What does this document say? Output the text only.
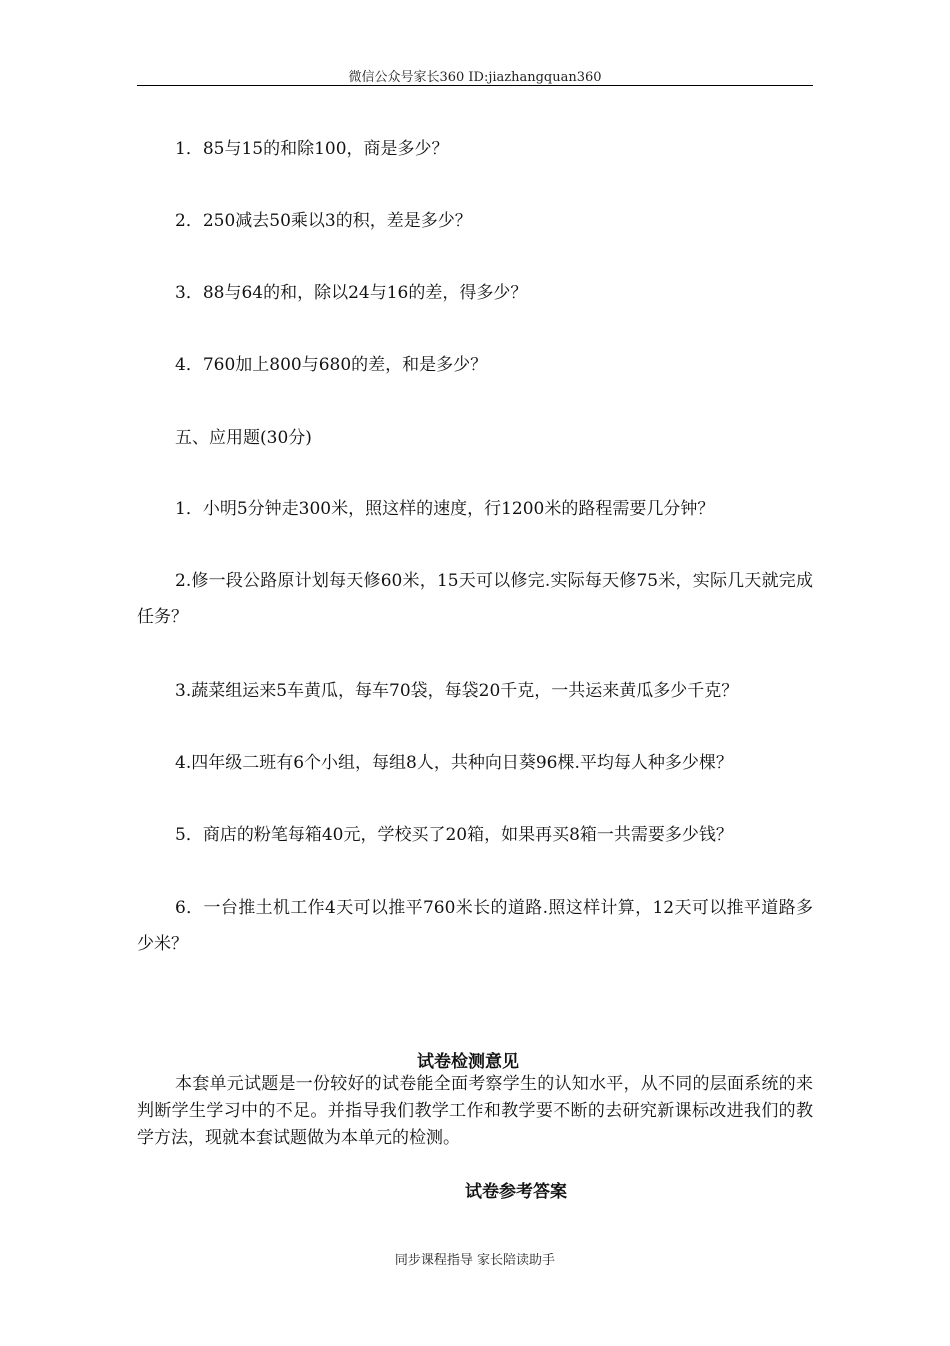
微信公众号家长360 ID:jiazhangquan360
1．85与15的和除100，商是多少？
2．250减去50乘以3的积，差是多少？
3．88与64的和，除以24与16的差，得多少？
4．760加上800与680的差，和是多少？
五、应用题(30分)
1．小明5分钟走300米，照这样的速度，行1200米的路程需要几分钟？
2.修一段公路原计划每天修60米，15天可以修完.实际每天修75米，实际几天就完成任务？
3.蔬菜组运来5车黄瓜，每车70袋，每袋20千克，一共运来黄瓜多少千克？
4.四年级二班有6个小组，每组8人，共种向日葵96棵.平均每人种多少棵？
5．商店的粉笔每箱40元，学校买了20箱，如果再买8箱一共需要多少钱？
6．一台推土机工作4天可以推平760米长的道路.照这样计算，12天可以推平道路多少米？
试卷检测意见
本套单元试题是一份较好的试卷能全面考察学生的认知水平，从不同的层面系统的来判断学生学习中的不足。并指导我们教学工作和教学要不断的去研究新课标改进我们的教学方法，现就本套试题做为本单元的检测。
试卷参考答案
同步课程指导 家长陪读助手
